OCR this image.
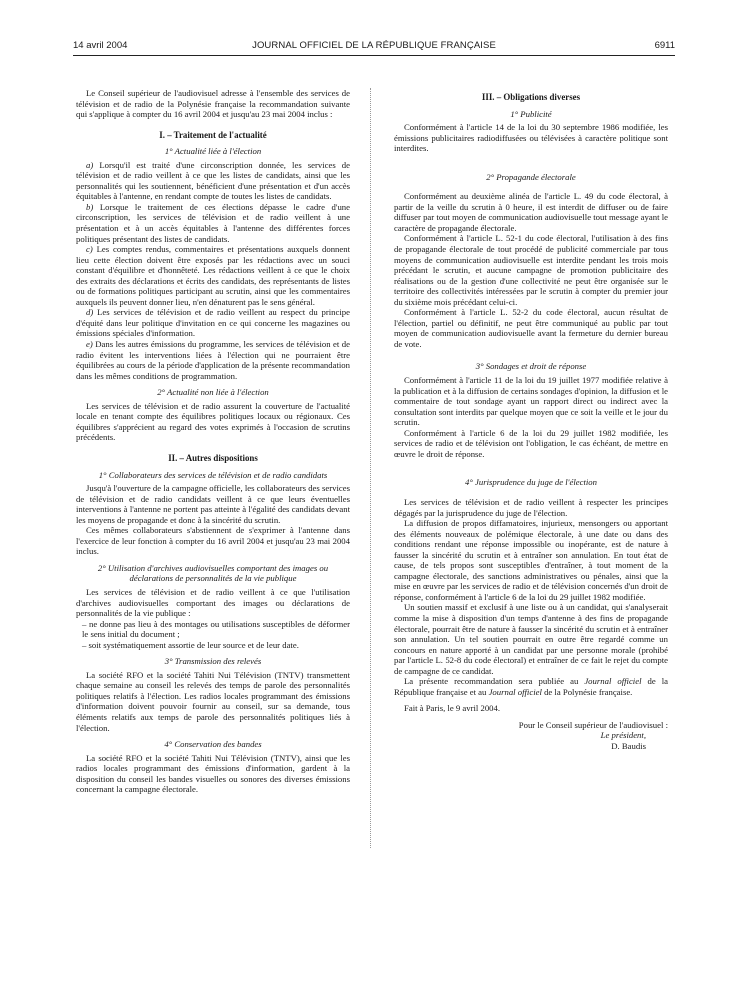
14 avril 2004	JOURNAL OFFICIEL DE LA RÉPUBLIQUE FRANÇAISE	6911

Le Conseil supérieur de l'audiovisuel adresse à l'ensemble des services de télévision et de radio de la Polynésie française la recommandation suivante qui s'applique à compter du 16 avril 2004 et jusqu'au 23 mai 2004 inclus :

I. – Traitement de l'actualité
1° Actualité liée à l'élection

a) Lorsqu'il est traité d'une circonscription donnée, les services de télévision et de radio veillent à ce que les listes de candidats, ainsi que les personnalités qui les soutiennent, bénéficient d'une présentation et d'un accès équitables à l'antenne, en rendant compte de toutes les listes de candidats.

b) Lorsque le traitement de ces élections dépasse le cadre d'une circonscription, les services de télévision et de radio veillent à une présentation et à un accès équitables à l'antenne des différentes forces politiques présentant des listes de candidats.

c) Les comptes rendus, commentaires et présentations auxquels donnent lieu cette élection doivent être exposés par les rédactions avec un souci constant d'équilibre et d'honnêteté. Les rédactions veillent à ce que le choix des extraits des déclarations et écrits des candidats, des représentants de listes ou de formations politiques participant au scrutin, ainsi que les commentaires auxquels ils peuvent donner lieu, n'en dénaturent pas le sens général.

d) Les services de télévision et de radio veillent au respect du principe d'équité dans leur politique d'invitation en ce qui concerne les magazines ou émissions spéciales d'information.

e) Dans les autres émissions du programme, les services de télévision et de radio évitent les interventions liées à l'élection qui ne pourraient être équilibrées au cours de la période d'application de la présente recommandation dans les mêmes conditions de programmation.

2° Actualité non liée à l'élection

Les services de télévision et de radio assurent la couverture de l'actualité locale en tenant compte des équilibres politiques locaux ou régionaux. Ces équilibres s'apprécient au regard des votes exprimés à l'occasion de scrutins précédents.

II. – Autres dispositions
1° Collaborateurs des services de télévision et de radio candidats

Jusqu'à l'ouverture de la campagne officielle, les collaborateurs des services de télévision et de radio candidats veillent à ce que leurs éventuelles interventions à l'antenne ne portent pas atteinte à l'égalité des candidats devant les moyens de propagande et donc à la sincérité du scrutin.

Ces mêmes collaborateurs s'abstiennent de s'exprimer à l'antenne dans l'exercice de leur fonction à compter du 16 avril 2004 et jusqu'au 23 mai 2004 inclus.

2° Utilisation d'archives audiovisuelles comportant des images ou déclarations de personnalités de la vie publique

Les services de télévision et de radio veillent à ce que l'utilisation d'archives audiovisuelles comportant des images ou déclarations de personnalités de la vie publique :

– ne donne pas lieu à des montages ou utilisations susceptibles de déformer le sens initial du document ;

– soit systématiquement assortie de leur source et de leur date.

3° Transmission des relevés

La société RFO et la société Tahiti Nui Télévision (TNTV) transmettent chaque semaine au conseil les relevés des temps de parole des personnalités politiques relatifs à l'élection. Les radios locales programmant des émissions d'information doivent pouvoir fournir au conseil, sur sa demande, tous éléments relatifs aux temps de parole des personnalités politiques liés à l'élection.

4° Conservation des bandes

La société RFO et la société Tahiti Nui Télévision (TNTV), ainsi que les radios locales programmant des émissions d'information, gardent à la disposition du conseil les bandes visuelles ou sonores des diverses émissions concernant la campagne électorale.

III. – Obligations diverses
1° Publicité

Conformément à l'article 14 de la loi du 30 septembre 1986 modifiée, les émissions publicitaires radiodiffusées ou télévisées à caractère politique sont interdites.

2° Propagande électorale

Conformément au deuxième alinéa de l'article L. 49 du code électoral, à partir de la veille du scrutin à 0 heure, il est interdit de diffuser ou de faire diffuser par tout moyen de communication audiovisuelle tout message ayant le caractère de propagande électorale.

Conformément à l'article L. 52-1 du code électoral, l'utilisation à des fins de propagande électorale de tout procédé de publicité commerciale par tous moyens de communication audiovisuelle est interdite pendant les trois mois précédant le scrutin, et aucune campagne de promotion publicitaire des réalisations ou de la gestion d'une collectivité ne peut être organisée sur le territoire des collectivités intéressées par le scrutin à compter du premier jour du sixième mois précédant celui-ci.

Conformément à l'article L. 52-2 du code électoral, aucun résultat de l'élection, partiel ou définitif, ne peut être communiqué au public par tout moyen de communication audiovisuelle avant la fermeture du dernier bureau de vote.

3° Sondages et droit de réponse

Conformément à l'article 11 de la loi du 19 juillet 1977 modifiée relative à la publication et à la diffusion de certains sondages d'opinion, la diffusion et le commentaire de tout sondage ayant un rapport direct ou indirect avec la consultation sont interdits par quelque moyen que ce soit la veille et le jour du scrutin.

Conformément à l'article 6 de la loi du 29 juillet 1982 modifiée, les services de radio et de télévision ont l'obligation, le cas échéant, de mettre en œuvre le droit de réponse.

4° Jurisprudence du juge de l'élection

Les services de télévision et de radio veillent à respecter les principes dégagés par la jurisprudence du juge de l'élection.

La diffusion de propos diffamatoires, injurieux, mensongers ou apportant des éléments nouveaux de polémique électorale, à une date ou dans des conditions rendant une réponse impossible ou inopérante, est de nature à fausser la sincérité du scrutin et à entraîner son annulation. En tout état de cause, de tels propos sont susceptibles d'entraîner, à tout moment de la campagne électorale, des sanctions administratives ou pénales, ainsi que la mise en œuvre par les services de radio et de télévision concernés d'un droit de réponse, conformément à l'article 6 de la loi du 29 juillet 1982 modifiée.

Un soutien massif et exclusif à une liste ou à un candidat, qui s'analyserait comme la mise à disposition d'un temps d'antenne à des fins de propagande électorale, pourrait être de nature à fausser la sincérité du scrutin et à entraîner son annulation. Un tel soutien pourrait en outre être regardé comme un concours en nature apporté à un candidat par une personne morale (prohibé par l'article L. 52-8 du code électoral) et entraîner de ce fait le rejet du compte de campagne de ce candidat.

La présente recommandation sera publiée au Journal officiel de la République française et au Journal officiel de la Polynésie française.

Fait à Paris, le 9 avril 2004.

Pour le Conseil supérieur de l'audiovisuel :

Le président,

D. Baudis
